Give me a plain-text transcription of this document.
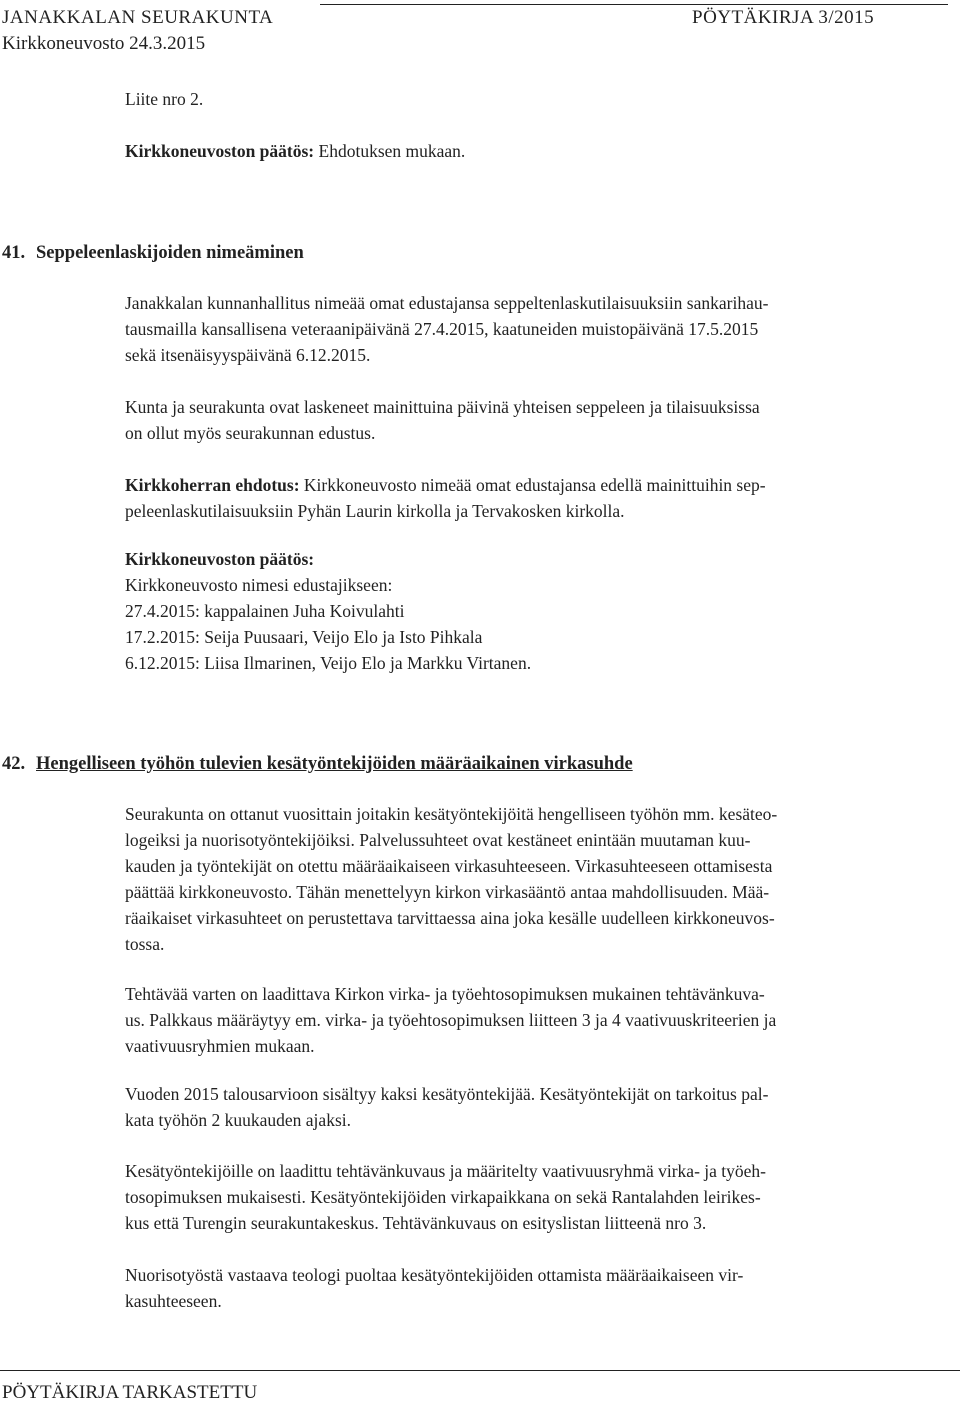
JANAKKALAN SEURAKUNTA	PÖYTÄKIRJA 3/2015
Kirkkoneuvosto 24.3.2015

Liite nro 2.

Kirkkoneuvoston päätös: Ehdotuksen mukaan.

41. Seppeleenlaskijoiden nimeäminen

Janakkalan kunnanhallitus nimeää omat edustajansa seppeltenlaskutilaisuuksiin sankarihau-
tausmailla kansallisena veteraanipäivänä 27.4.2015, kaatuneiden muistopäivänä 17.5.2015
sekä itsenäisyyspäivänä 6.12.2015.

Kunta ja seurakunta ovat laskeneet mainittuina päivinä yhteisen seppeleen ja tilaisuuksissa
on ollut myös seurakunnan edustus.

Kirkkoherran ehdotus: Kirkkoneuvosto nimeää omat edustajansa edellä mainittuihin sep-
peleenlaskutilaisuuksiin Pyhän Laurin kirkolla ja Tervakosken kirkolla.

Kirkkoneuvoston päätös:
Kirkkoneuvosto nimesi edustajikseen:
27.4.2015: kappalainen Juha Koivulahti
17.2.2015: Seija Puusaari, Veijo Elo ja Isto Pihkala
6.12.2015: Liisa Ilmarinen, Veijo Elo ja Markku Virtanen.

42. Hengelliseen työhön tulevien kesätyöntekijöiden määräaikainen virkasuhde

Seurakunta on ottanut vuosittain joitakin kesätyöntekijöitä hengelliseen työhön mm. kesäteo-
logeiksi ja nuorisotyöntekijöiksi. Palvelussuhteet ovat kestäneet enintään muutaman kuu-
kauden ja työntekijät on otettu määräaikaiseen virkasuhteeseen. Virkasuhteeseen ottamisesta
päättää kirkkoneuvosto. Tähän menettelyyn kirkon virkasääntö antaa mahdollisuuden. Mää-
räaikaiset virkasuhteet on perustettava tarvittaessa aina joka kesälle uudelleen kirkkoneuvos-
tossa.

Tehtävää varten on laadittava Kirkon virka- ja työehtosopimuksen mukainen tehtävänkuva-
us. Palkkaus määräytyy em. virka- ja työehtosopimuksen liitteen 3 ja 4 vaativuuskriteerien ja
vaativuusryhmien mukaan.

Vuoden 2015 talousarvioon sisältyy kaksi kesätyöntekijää. Kesätyöntekijät on tarkoitus pal-
kata työhön 2 kuukauden ajaksi.

Kesätyöntekijöille on laadittu tehtävänkuvaus ja määritelty vaativuusryhmä virka- ja työeh-
tosopimuksen mukaisesti. Kesätyöntekijöiden virkapaikkana on sekä Rantalahden leirikes-
kus että Turengin seurakuntakeskus. Tehtävänkuvaus on esityslistan liitteenä nro 3.

Nuorisotyöstä vastaava teologi puoltaa kesätyöntekijöiden ottamista määräaikaiseen vir-
kasuhteeseen.

PÖYTÄKIRJA TARKASTETTU
